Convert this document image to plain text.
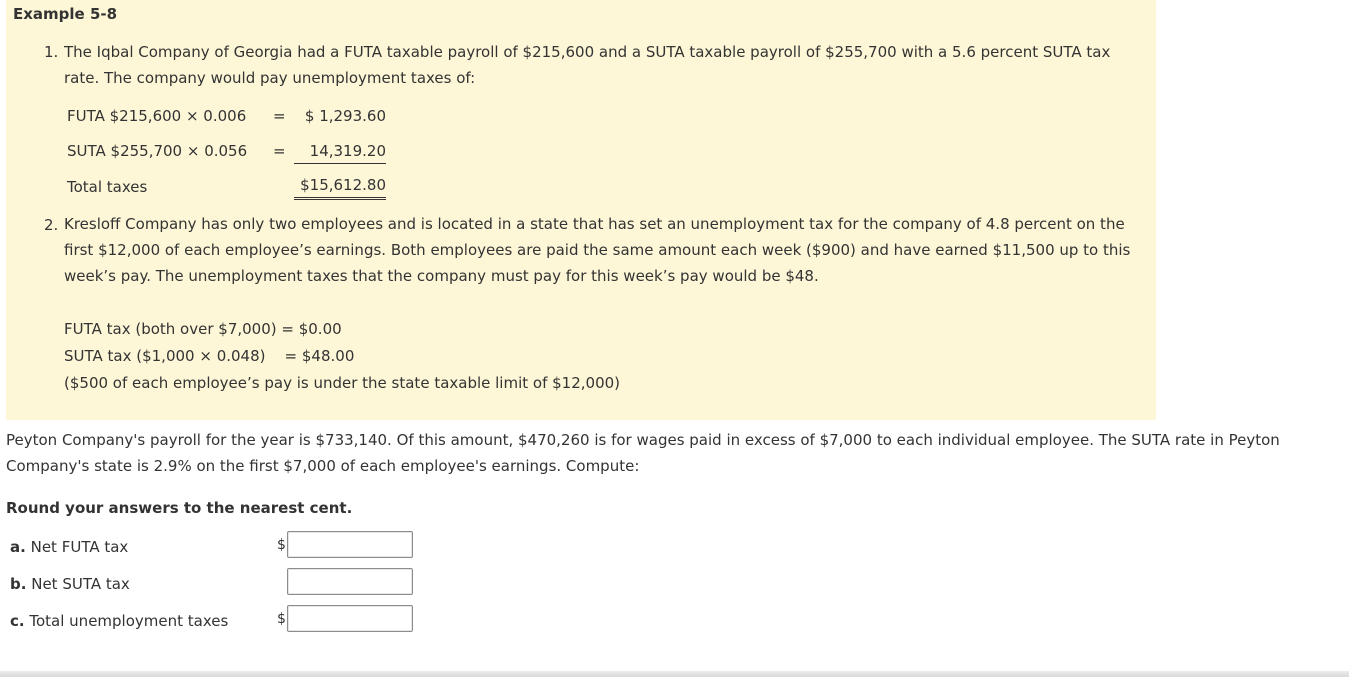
Example 5-8
1. The Iqbal Company of Georgia had a FUTA taxable payroll of $215,600 and a SUTA taxable payroll of $255,700 with a 5.6 percent SUTA tax rate. The company would pay unemployment taxes of:
FUTA $215,600 × 0.006 =	$ 1,293.60
SUTA $255,700 × 0.056 =	14,319.20
Total taxes	$15,612.80
2. Kresloff Company has only two employees and is located in a state that has set an unemployment tax for the company of 4.8 percent on the first $12,000 of each employee’s earnings. Both employees are paid the same amount each week ($900) and have earned $11,500 up to this week’s pay. The unemployment taxes that the company must pay for this week’s pay would be $48.
FUTA tax (both over $7,000) = $0.00
SUTA tax ($1,000 × 0.048)    = $48.00
($500 of each employee’s pay is under the state taxable limit of $12,000)
Peyton Company's payroll for the year is $733,140. Of this amount, $470,260 is for wages paid in excess of $7,000 to each individual employee. The SUTA rate in Peyton Company's state is 2.9% on the first $7,000 of each employee's earnings. Compute:
Round your answers to the nearest cent.
a. Net FUTA tax	$
b. Net SUTA tax
c. Total unemployment taxes	$
